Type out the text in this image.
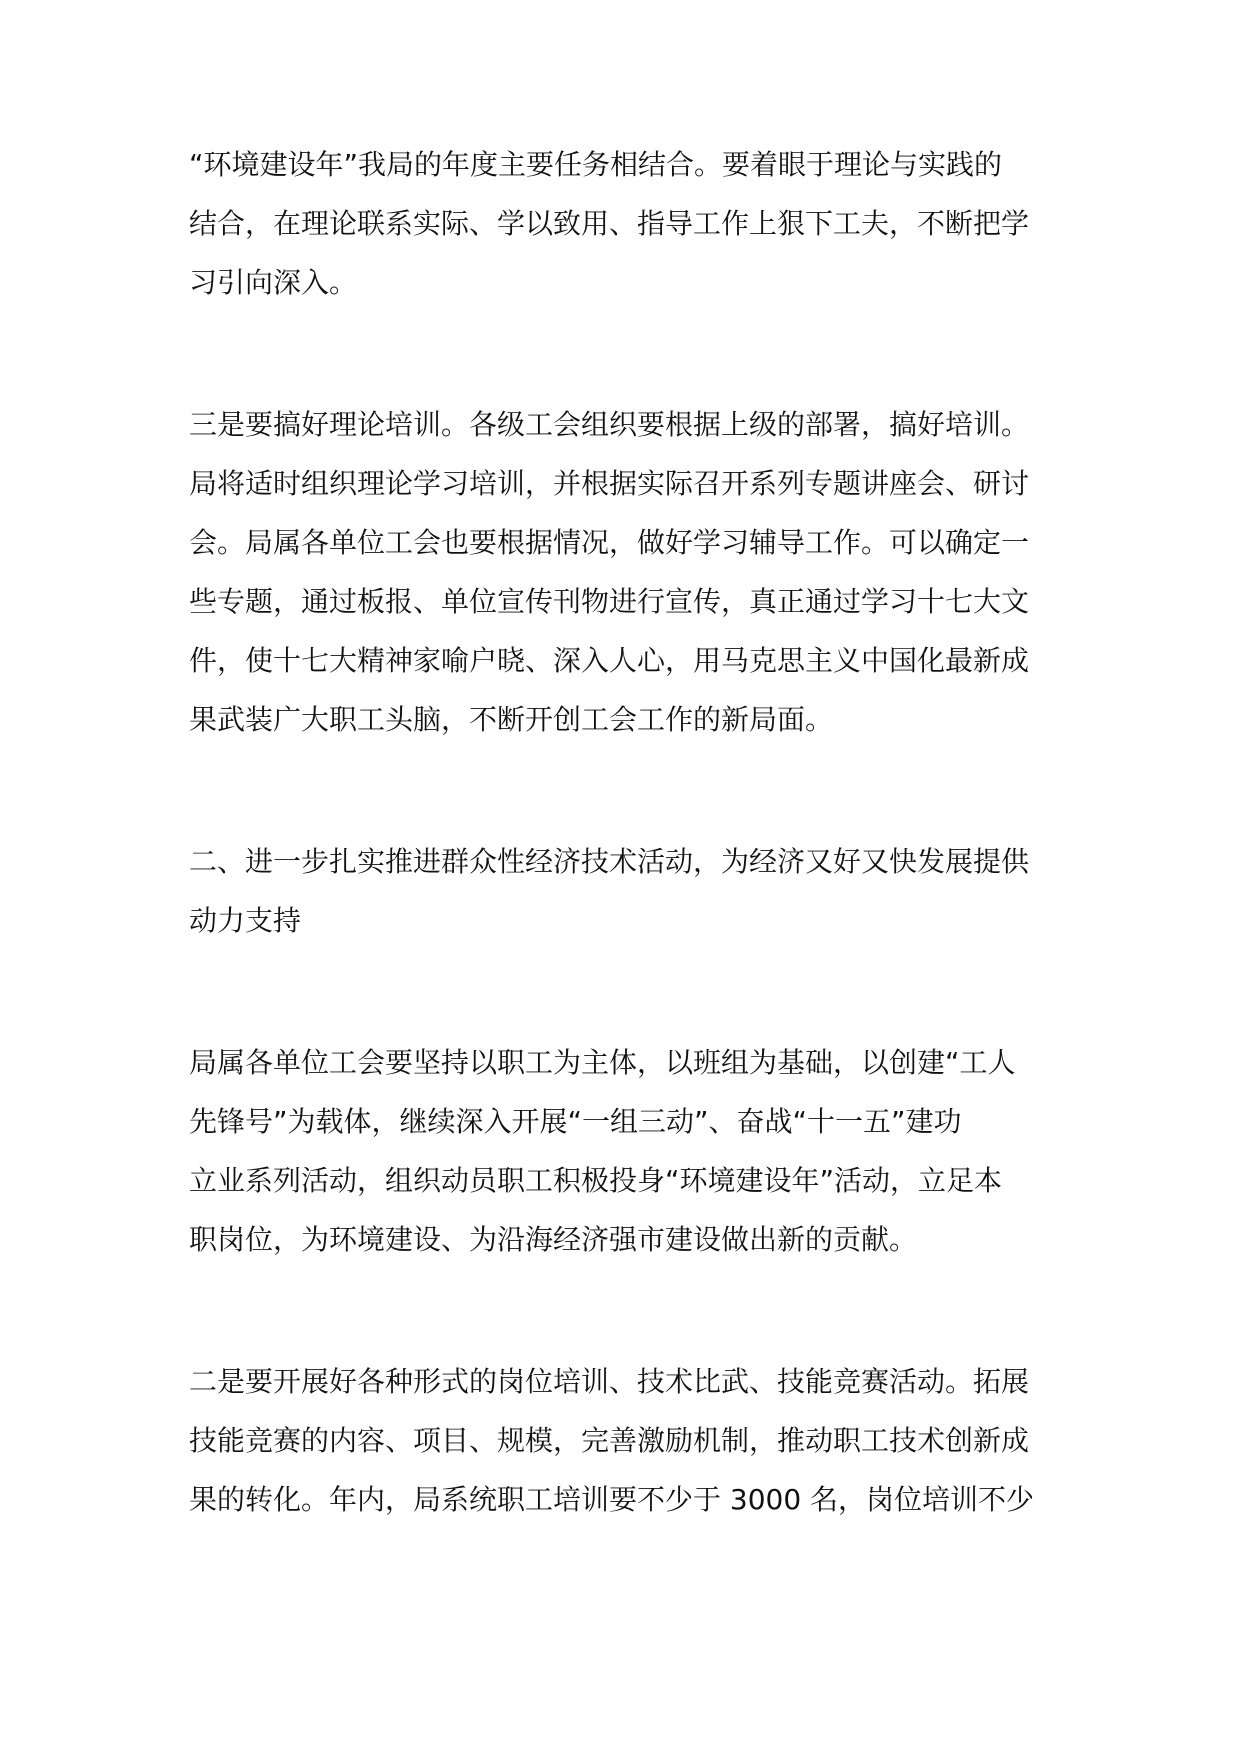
“环境建设年”我局的年度主要任务相结合。要着眼于理论与实践的
结合，在理论联系实际、学以致用、指导工作上狠下工夫，不断把学
习引向深入。
三是要搞好理论培训。各级工会组织要根据上级的部署，搞好培训。
局将适时组织理论学习培训，并根据实际召开系列专题讲座会、研讨
会。局属各单位工会也要根据情况，做好学习辅导工作。可以确定一
些专题，通过板报、单位宣传刊物进行宣传，真正通过学习十七大文
件，使十七大精神家喻户晓、深入人心，用马克思主义中国化最新成
果武装广大职工头脑，不断开创工会工作的新局面。
二、进一步扎实推进群众性经济技术活动，为经济又好又快发展提供
动力支持
局属各单位工会要坚持以职工为主体，以班组为基础，以创建“工人
先锋号”为载体，继续深入开展“一组三动”、奋战“十一五”建功
立业系列活动，组织动员职工积极投身“环境建设年”活动，立足本
职岗位，为环境建设、为沿海经济强市建设做出新的贡献。
二是要开展好各种形式的岗位培训、技术比武、技能竞赛活动。拓展
技能竞赛的内容、项目、规模，完善激励机制，推动职工技术创新成
果的转化。年内，局系统职工培训要不少于 3000 名，岗位培训不少
